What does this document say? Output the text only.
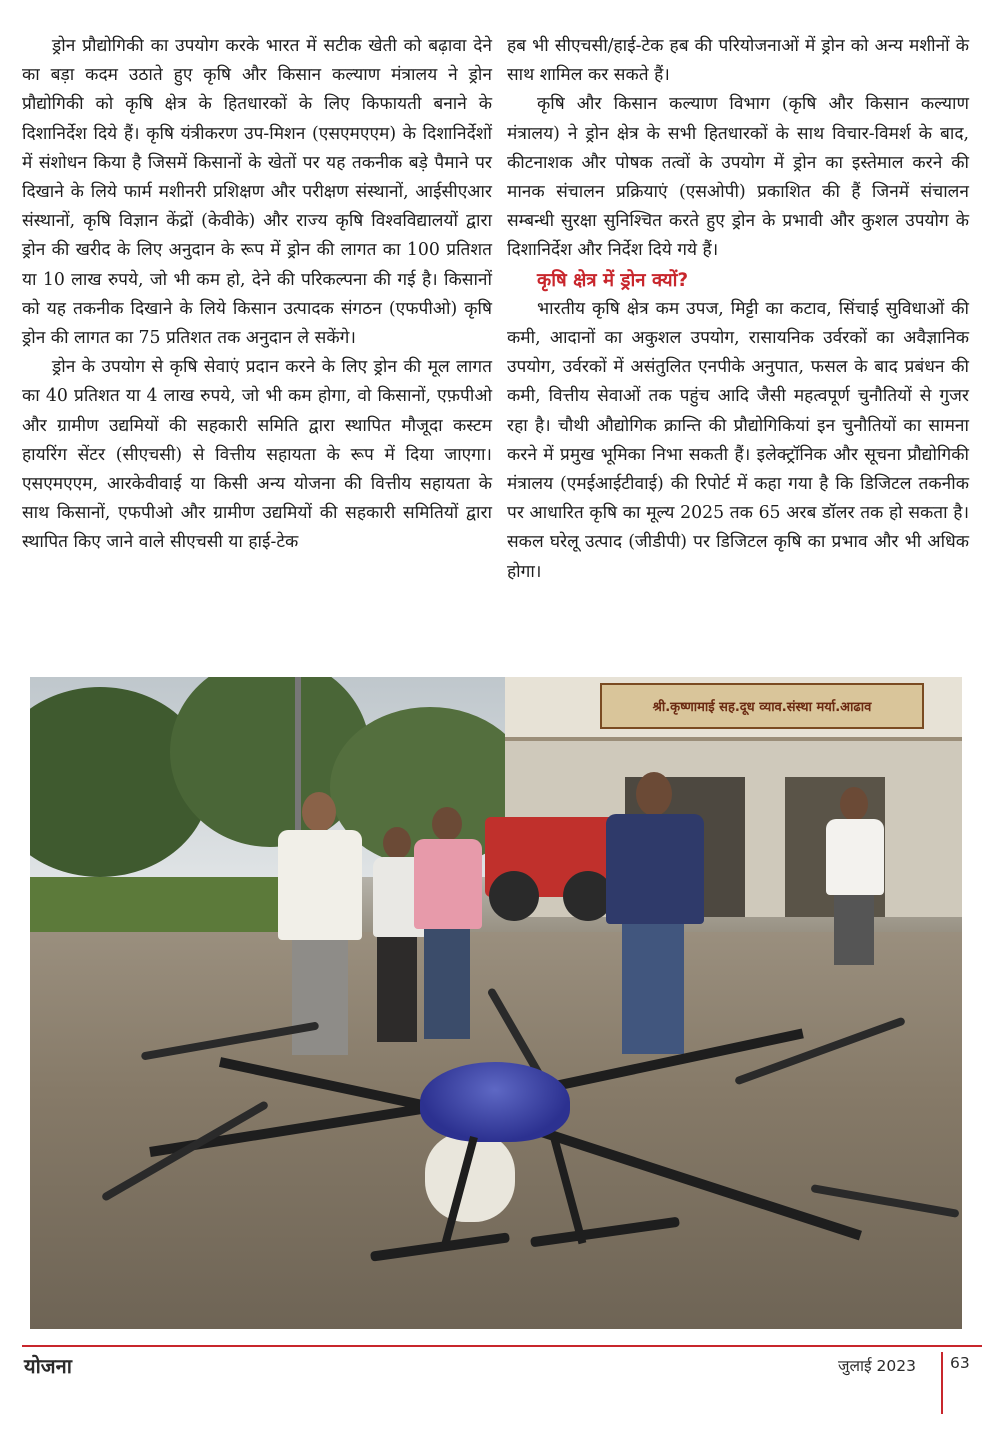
ड्रोन प्रौद्योगिकी का उपयोग करके भारत में सटीक खेती को बढ़ावा देने का बड़ा कदम उठाते हुए कृषि और किसान कल्याण मंत्रालय ने ड्रोन प्रौद्योगिकी को कृषि क्षेत्र के हितधारकों के लिए किफायती बनाने के दिशानिर्देश दिये हैं। कृषि यंत्रीकरण उप-मिशन (एसएमएएम) के दिशानिर्देशों में संशोधन किया है जिसमें किसानों के खेतों पर यह तकनीक बड़े पैमाने पर दिखाने के लिये फार्म मशीनरी प्रशिक्षण और परीक्षण संस्थानों, आईसीएआर संस्थानों, कृषि विज्ञान केंद्रों (केवीके) और राज्य कृषि विश्वविद्यालयों द्वारा ड्रोन की खरीद के लिए अनुदान के रूप में ड्रोन की लागत का 100 प्रतिशत या 10 लाख रुपये, जो भी कम हो, देने की परिकल्पना की गई है। किसानों को यह तकनीक दिखाने के लिये किसान उत्पादक संगठन (एफपीओ) कृषि ड्रोन की लागत का 75 प्रतिशत तक अनुदान ले सकेंगे।

ड्रोन के उपयोग से कृषि सेवाएं प्रदान करने के लिए ड्रोन की मूल लागत का 40 प्रतिशत या 4 लाख रुपये, जो भी कम होगा, वो किसानों, एफ़पीओ और ग्रामीण उद्यमियों की सहकारी समिति द्वारा स्थापित मौजूदा कस्टम हायरिंग सेंटर (सीएचसी) से वित्तीय सहायता के रूप में दिया जाएगा। एसएमएएम, आरकेवीवाई या किसी अन्य योजना की वित्तीय सहायता के साथ किसानों, एफपीओ और ग्रामीण उद्यमियों की सहकारी समितियों द्वारा स्थापित किए जाने वाले सीएचसी या हाई-टेक

हब भी सीएचसी/हाई-टेक हब की परियोजनाओं में ड्रोन को अन्य मशीनों के साथ शामिल कर सकते हैं।

कृषि और किसान कल्याण विभाग (कृषि और किसान कल्याण मंत्रालय) ने ड्रोन क्षेत्र के सभी हितधारकों के साथ विचार-विमर्श के बाद, कीटनाशक और पोषक तत्वों के उपयोग में ड्रोन का इस्तेमाल करने की मानक संचालन प्रक्रियाएं (एसओपी) प्रकाशित की हैं जिनमें संचालन सम्बन्धी सुरक्षा सुनिश्चित करते हुए ड्रोन के प्रभावी और कुशल उपयोग के दिशानिर्देश और निर्देश दिये गये हैं।

कृषि क्षेत्र में ड्रोन क्यों?

भारतीय कृषि क्षेत्र कम उपज, मिट्टी का कटाव, सिंचाई सुविधाओं की कमी, आदानों का अकुशल उपयोग, रासायनिक उर्वरकों का अवैज्ञानिक उपयोग, उर्वरकों में असंतुलित एनपीके अनुपात, फसल के बाद प्रबंधन की कमी, वित्तीय सेवाओं तक पहुंच आदि जैसी महत्वपूर्ण चुनौतियों से गुजर रहा है। चौथी औद्योगिक क्रान्ति की प्रौद्योगिकियां इन चुनौतियों का सामना करने में प्रमुख भूमिका निभा सकती हैं। इलेक्ट्रॉनिक और सूचना प्रौद्योगिकी मंत्रालय (एमईआईटीवाई) की रिपोर्ट में कहा गया है कि डिजिटल तकनीक पर आधारित कृषि का मूल्य 2025 तक 65 अरब डॉलर तक हो सकता है। सकल घरेलू उत्पाद (जीडीपी) पर डिजिटल कृषि का प्रभाव और भी अधिक होगा।

श्री.कृष्णामाई सह.दूध व्याव.संस्था मर्या.आढाव
योजना	जुलाई 2023 63
